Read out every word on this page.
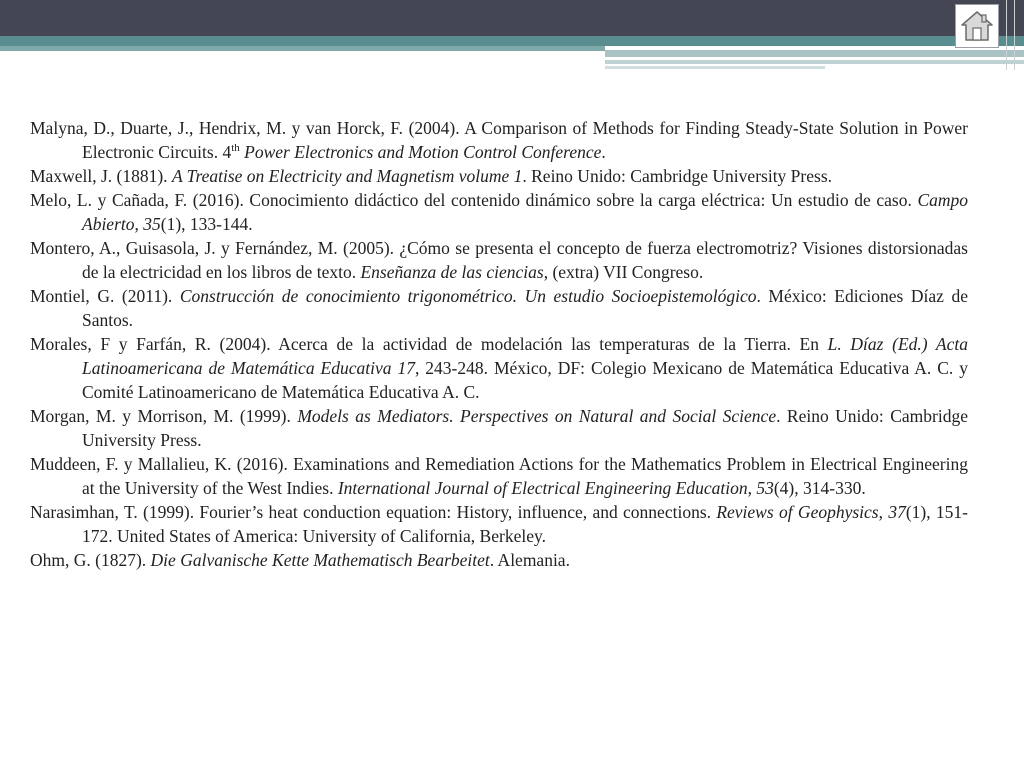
Malyna, D., Duarte, J., Hendrix, M. y van Horck, F. (2004). A Comparison of Methods for Finding Steady-State Solution in Power Electronic Circuits. 4th Power Electronics and Motion Control Conference.
Maxwell, J. (1881). A Treatise on Electricity and Magnetism volume 1. Reino Unido: Cambridge University Press.
Melo, L. y Cañada, F. (2016). Conocimiento didáctico del contenido dinámico sobre la carga eléctrica: Un estudio de caso. Campo Abierto, 35(1), 133-144.
Montero, A., Guisasola, J. y Fernández, M. (2005). ¿Cómo se presenta el concepto de fuerza electromotriz? Visiones distorsionadas de la electricidad en los libros de texto. Enseñanza de las ciencias, (extra) VII Congreso.
Montiel, G. (2011). Construcción de conocimiento trigonométrico. Un estudio Socioepistemológico. México: Ediciones Díaz de Santos.
Morales, F y Farfán, R. (2004). Acerca de la actividad de modelación las temperaturas de la Tierra. En L. Díaz (Ed.) Acta Latinoamericana de Matemática Educativa 17, 243-248. México, DF: Colegio Mexicano de Matemática Educativa A. C. y Comité Latinoamericano de Matemática Educativa A. C.
Morgan, M. y Morrison, M. (1999). Models as Mediators. Perspectives on Natural and Social Science. Reino Unido: Cambridge University Press.
Muddeen, F. y Mallalieu, K. (2016). Examinations and Remediation Actions for the Mathematics Problem in Electrical Engineering at the University of the West Indies. International Journal of Electrical Engineering Education, 53(4), 314-330.
Narasimhan, T. (1999). Fourier’s heat conduction equation: History, influence, and connections. Reviews of Geophysics, 37(1), 151-172. United States of America: University of California, Berkeley.
Ohm, G. (1827). Die Galvanische Kette Mathematisch Bearbeitet. Alemania.
